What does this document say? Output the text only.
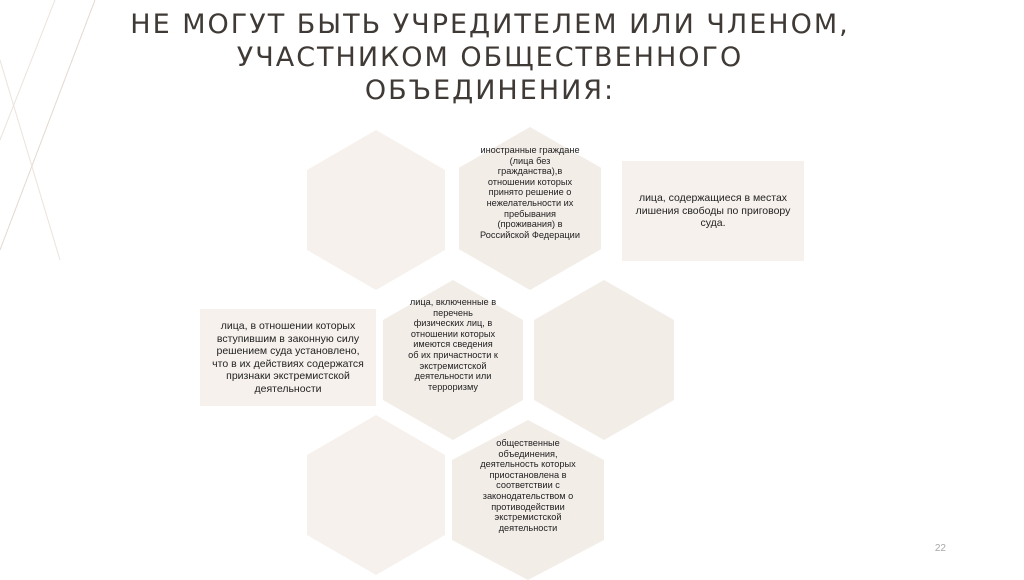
НЕ МОГУТ БЫТЬ УЧРЕДИТЕЛЕМ ИЛИ ЧЛЕНОМ, УЧАСТНИКОМ ОБЩЕСТВЕННОГО ОБЪЕДИНЕНИЯ:
иностранные граждане (лица без гражданства),в отношении которых принято решение о нежелательности их пребывания (проживания) в Российской Федерации
лица, включенные в перечень физических лиц, в отношении которых имеются сведения об их причастности к экстремистской деятельности или терроризму
общественные объединения, деятельность которых приостановлена в соответствии с законодательством о противодействии экстремистской деятельности
лица, содержащиеся в местах лишения свободы по приговору суда.
лица, в отношении которых вступившим в законную силу решением суда установлено, что в их действиях содержатся признаки экстремистской деятельности
22
